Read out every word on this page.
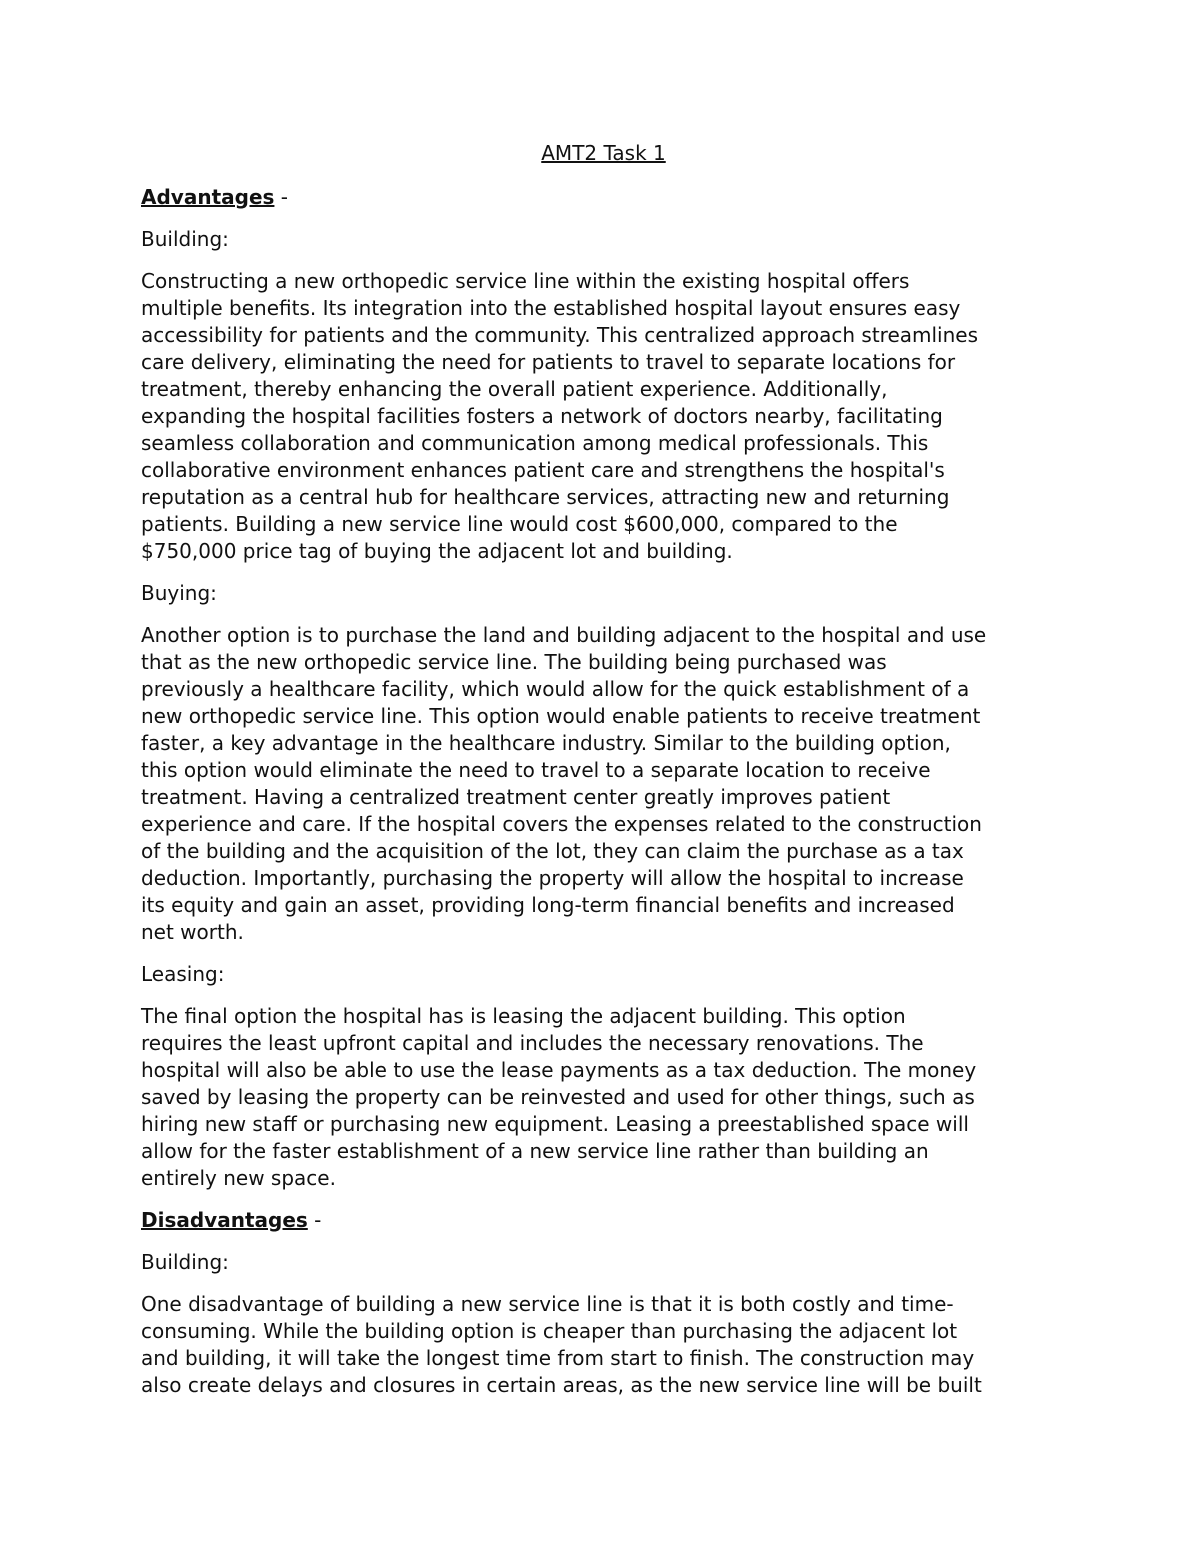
AMT2 Task 1
Advantages -
Building:
Constructing a new orthopedic service line within the existing hospital offers
multiple benefits. Its integration into the established hospital layout ensures easy
accessibility for patients and the community. This centralized approach streamlines
care delivery, eliminating the need for patients to travel to separate locations for
treatment, thereby enhancing the overall patient experience. Additionally,
expanding the hospital facilities fosters a network of doctors nearby, facilitating
seamless collaboration and communication among medical professionals. This
collaborative environment enhances patient care and strengthens the hospital's
reputation as a central hub for healthcare services, attracting new and returning
patients. Building a new service line would cost $600,000, compared to the
$750,000 price tag of buying the adjacent lot and building.
Buying:
Another option is to purchase the land and building adjacent to the hospital and use
that as the new orthopedic service line. The building being purchased was
previously a healthcare facility, which would allow for the quick establishment of a
new orthopedic service line. This option would enable patients to receive treatment
faster, a key advantage in the healthcare industry. Similar to the building option,
this option would eliminate the need to travel to a separate location to receive
treatment. Having a centralized treatment center greatly improves patient
experience and care. If the hospital covers the expenses related to the construction
of the building and the acquisition of the lot, they can claim the purchase as a tax
deduction. Importantly, purchasing the property will allow the hospital to increase
its equity and gain an asset, providing long-term financial benefits and increased
net worth.
Leasing:
The final option the hospital has is leasing the adjacent building. This option
requires the least upfront capital and includes the necessary renovations. The
hospital will also be able to use the lease payments as a tax deduction. The money
saved by leasing the property can be reinvested and used for other things, such as
hiring new staff or purchasing new equipment. Leasing a preestablished space will
allow for the faster establishment of a new service line rather than building an
entirely new space.
Disadvantages -
Building:
One disadvantage of building a new service line is that it is both costly and time-
consuming. While the building option is cheaper than purchasing the adjacent lot
and building, it will take the longest time from start to finish. The construction may
also create delays and closures in certain areas, as the new service line will be built
